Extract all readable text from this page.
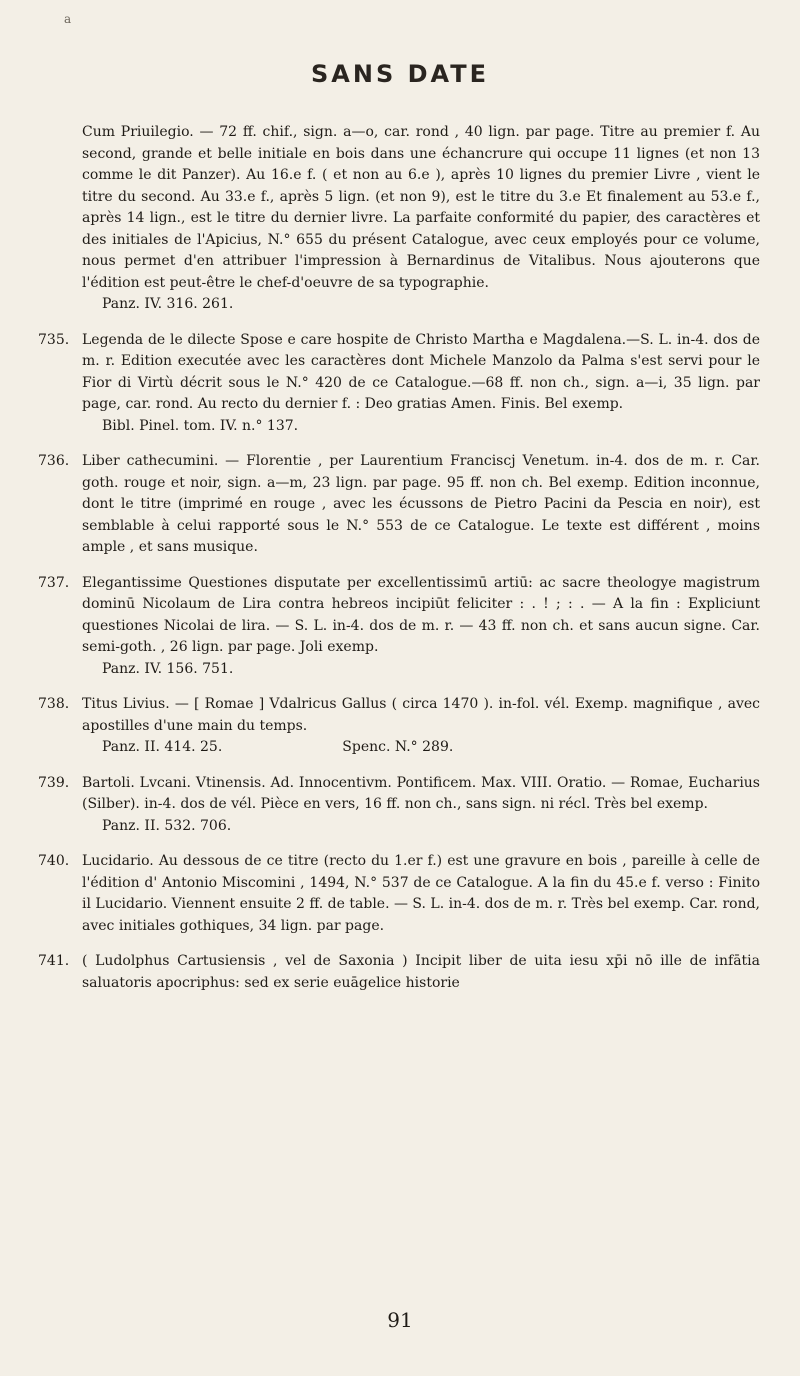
a
SANS DATE

Cum Priuilegio. — 72 ff. chif., sign. a—o, car. rond , 40 lign. par page. Titre au premier f. Au second, grande et belle initiale en bois dans une échancrure qui occupe 11 lignes (et non 13 comme le dit Panzer). Au 16.e f. ( et non au 6.e ), après 10 lignes du premier Livre , vient le titre du second. Au 33.e f., après 5 lign. (et non 9), est le titre du 3.e Et finalement au 53.e f., après 14 lign., est le titre du dernier livre. La parfaite conformité du papier, des caractères et des initiales de l'Apicius, N.° 655 du présent Catalogue, avec ceux employés pour ce volume, nous permet d'en attribuer l'impression à Bernardinus de Vitalibus. Nous ajouterons que l'édition est peut-être le chef-d'oeuvre de sa typographie.

Panz. IV. 316. 261.

735. Legenda de le dilecte Spose e care hospite de Christo Martha e Magdalena.—S. L. in-4. dos de m. r. Edition executée avec les caractères dont Michele Manzolo da Palma s'est servi pour le Fior di Virtù décrit sous le N.° 420 de ce Catalogue.—68 ff. non ch., sign. a—i, 35 lign. par page, car. rond. Au recto du dernier f. : Deo gratias Amen. Finis. Bel exemp.

Bibl. Pinel. tom. IV. n.° 137.

736. Liber cathecumini. — Florentie , per Laurentium Franciscj Venetum. in-4. dos de m. r. Car. goth. rouge et noir, sign. a—m, 23 lign. par page. 95 ff. non ch. Bel exemp. Edition inconnue, dont le titre (imprimé en rouge , avec les écussons de Pietro Pacini da Pescia en noir), est semblable à celui rapporté sous le N.° 553 de ce Catalogue. Le texte est différent , moins ample , et sans musique.

737. Elegantissime Questiones disputate per excellentissimū artiū: ac sacre theologye magistrum dominū Nicolaum de Lira contra hebreos incipiūt feliciter : . ! ; : . — A la fin : Expliciunt questiones Nicolai de lira. — S. L. in-4. dos de m. r. — 43 ff. non ch. et sans aucun signe. Car. semi-goth. , 26 lign. par page. Joli exemp.

Panz. IV. 156. 751.

738. Titus Livius. — [ Romae ] Vdalricus Gallus ( circa 1470 ). in-fol. vél. Exemp. magnifique , avec apostilles d'une main du temps.

Panz. II. 414. 25.	Spenc. N.° 289.

739. Bartoli. Lvcani. Vtinensis. Ad. Innocentivm. Pontificem. Max. VIII. Oratio. — Romae, Eucharius (Silber). in-4. dos de vél. Pièce en vers, 16 ff. non ch., sans sign. ni récl. Très bel exemp.

Panz. II. 532. 706.

740. Lucidario. Au dessous de ce titre (recto du 1.er f.) est une gravure en bois , pareille à celle de l'édition d' Antonio Miscomini , 1494, N.° 537 de ce Catalogue. A la fin du 45.e f. verso : Finito il Lucidario. Viennent ensuite 2 ff. de table. — S. L. in-4. dos de m. r. Très bel exemp. Car. rond, avec initiales gothiques, 34 lign. par page.

741. ( Ludolphus Cartusiensis , vel de Saxonia ) Incipit liber de uita iesu xp̄i nō ille de infātia saluatoris apocriphus: sed ex serie euāgelice historie

91
